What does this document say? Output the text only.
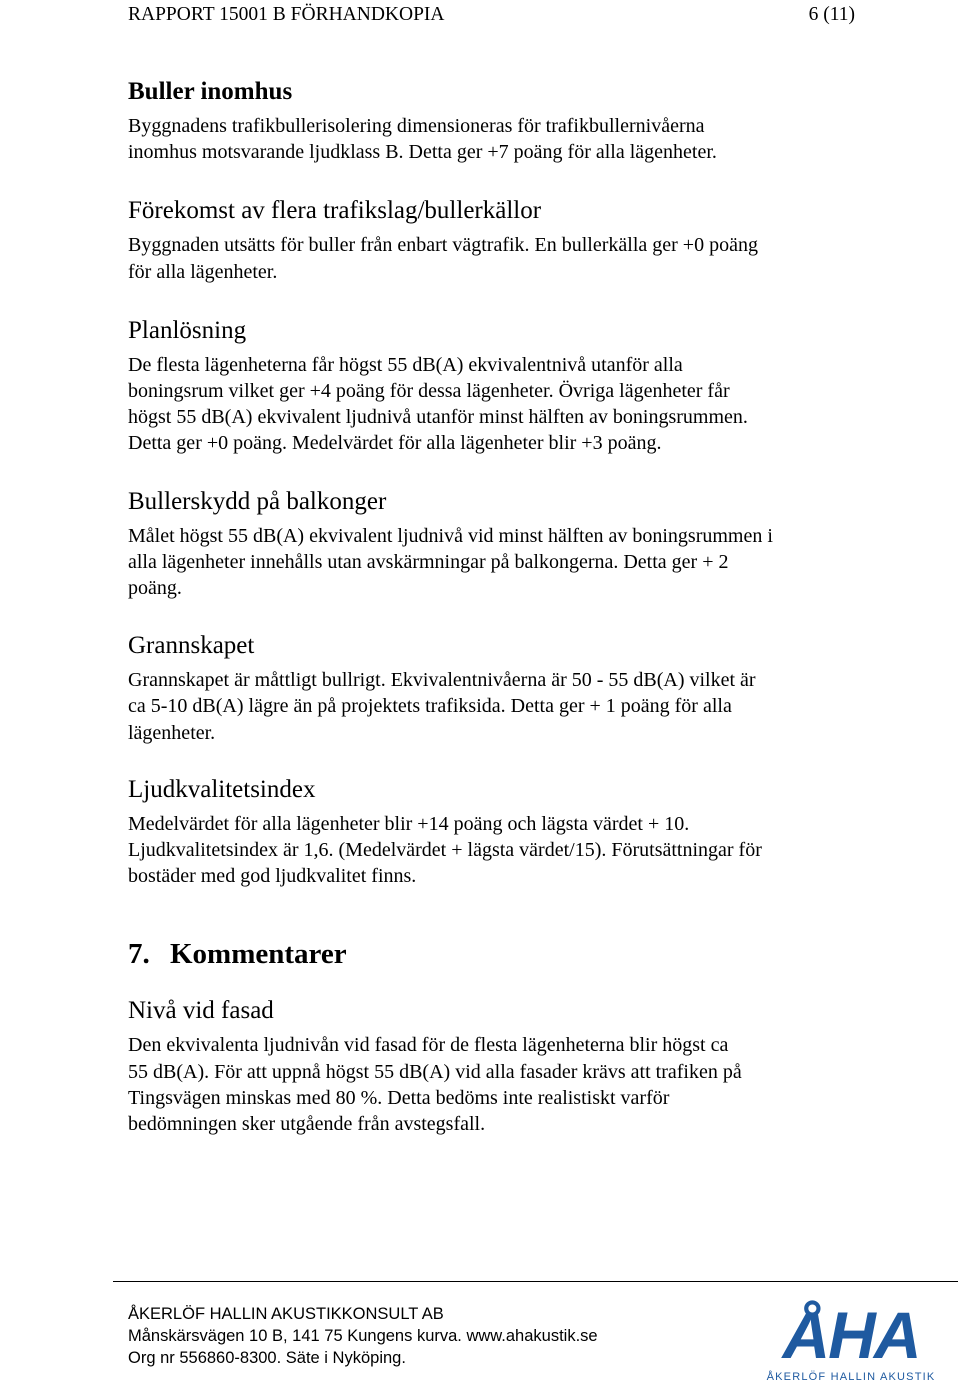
RAPPORT 15001 B FÖRHANDKOPIA	6 (11)
Buller inomhus

Byggnadens trafikbullerisolering dimensioneras för trafikbullernivåerna

inomhus motsvarande ljudklass B. Detta ger +7 poäng för alla lägenheter.

Förekomst av flera trafikslag/bullerkällor

Byggnaden utsätts för buller från enbart vägtrafik. En bullerkälla ger +0 poäng

för alla lägenheter.

Planlösning

De flesta lägenheterna får högst 55 dB(A) ekvivalentnivå utanför alla

boningsrum vilket ger +4 poäng för dessa lägenheter. Övriga lägenheter får

högst 55 dB(A) ekvivalent ljudnivå utanför minst hälften av boningsrummen.

Detta ger +0 poäng. Medelvärdet för alla lägenheter blir +3 poäng.

Bullerskydd på balkonger

Målet högst 55 dB(A) ekvivalent ljudnivå vid minst hälften av boningsrummen i

alla lägenheter innehålls utan avskärmningar på balkongerna. Detta ger + 2

poäng.

Grannskapet

Grannskapet är måttligt bullrigt. Ekvivalentnivåerna är 50 - 55 dB(A) vilket är

ca 5-10 dB(A) lägre än på projektets trafiksida. Detta ger + 1 poäng för alla

lägenheter.

Ljudkvalitetsindex

Medelvärdet för alla lägenheter blir +14 poäng och lägsta värdet + 10.

Ljudkvalitetsindex är 1,6. (Medelvärdet + lägsta värdet/15). Förutsättningar för

bostäder med god ljudkvalitet finns.

7. Kommentarer
Nivå vid fasad

Den ekvivalenta ljudnivån vid fasad för de flesta lägenheterna blir högst ca

55 dB(A). För att uppnå högst 55 dB(A) vid alla fasader krävs att trafiken på

Tingsvägen minskas med 80 %. Detta bedöms inte realistiskt varför

bedömningen sker utgående från avstegsfall.

ÅKERLÖF HALLIN AKUSTIKKONSULT AB
Månskärsvägen 10 B, 141 75 Kungens kurva. www.ahakustik.se
Org nr 556860-8300. Säte i Nyköping.	ÅHA
ÅKERLÖF HALLIN AKUSTIK
